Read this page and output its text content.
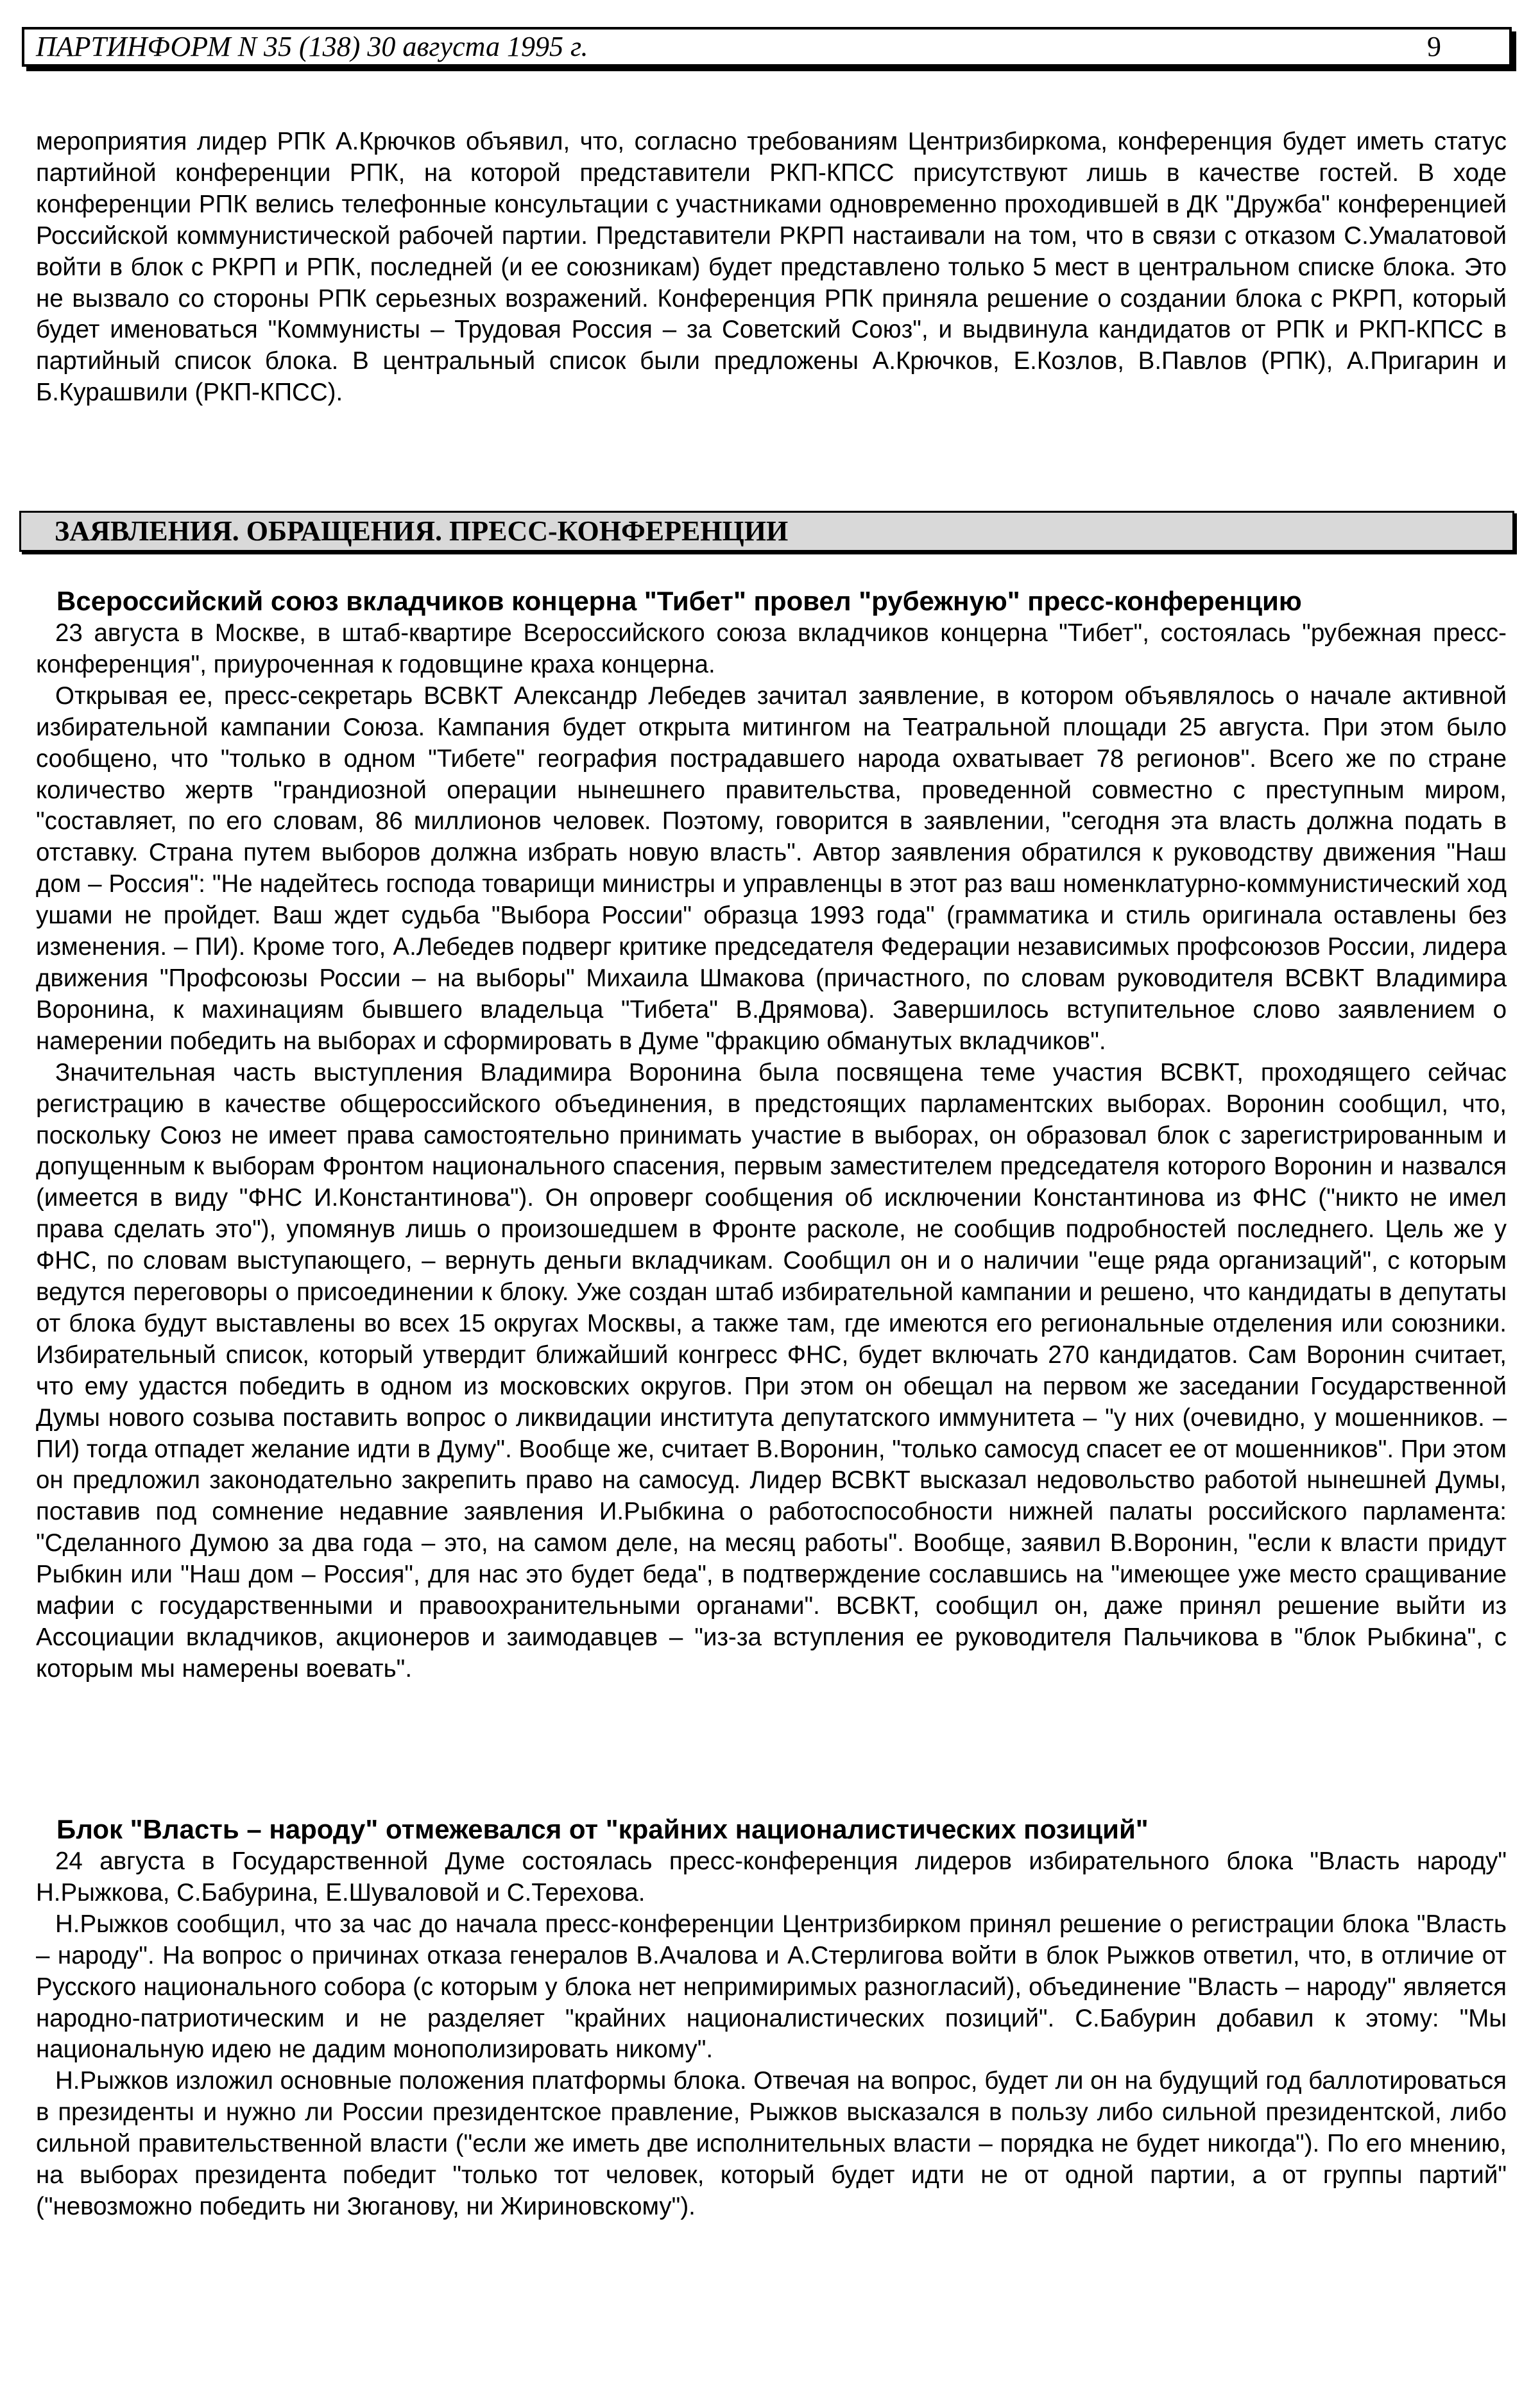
ПАРТИНФОРМ N 35 (138) 30 августа 1995 г.	9

мероприятия лидер РПК А.Крючков объявил, что, согласно требованиям Центризбиркома, конференция будет иметь статус партийной конференции РПК, на которой представители РКП-КПСС присутствуют лишь в качестве гостей. В ходе конференции РПК велись телефонные консультации с участниками одновременно проходившей в ДК "Дружба" конференцией Российской коммунистической рабочей партии. Представители РКРП настаивали на том, что в связи с отказом С.Умалатовой войти в блок с РКРП и РПК, последней (и ее союзникам) будет представлено только 5 мест в центральном списке блока. Это не вызвало со стороны РПК серьезных возражений. Конференция РПК приняла решение о создании блока с РКРП, который будет именоваться "Коммунисты – Трудовая Россия – за Советский Союз", и выдвинула кандидатов от РПК и РКП-КПСС в партийный список блока. В центральный список были предложены А.Крючков, Е.Козлов, В.Павлов (РПК), А.Пригарин и Б.Курашвили (РКП-КПСС).

ЗАЯВЛЕНИЯ. ОБРАЩЕНИЯ. ПРЕСС-КОНФЕРЕНЦИИ
Всероссийский союз вкладчиков концерна "Тибет" провел "рубежную" пресс-конференцию

23 августа в Москве, в штаб-квартире Всероссийского союза вкладчиков концерна "Тибет", состоялась "рубежная пресс-конференция", приуроченная к годовщине краха концерна.

Открывая ее, пресс-секретарь ВСВКТ Александр Лебедев зачитал заявление, в котором объявлялось о начале активной избирательной кампании Союза. Кампания будет открыта митингом на Театральной площади 25 августа. При этом было сообщено, что "только в одном "Тибете" география пострадавшего народа охватывает 78 регионов". Всего же по стране количество жертв "грандиозной операции нынешнего правительства, проведенной совместно с преступным миром, "составляет, по его словам, 86 миллионов человек. Поэтому, говорится в заявлении, "сегодня эта власть должна подать в отставку. Страна путем выборов должна избрать новую власть". Автор заявления обратился к руководству движения "Наш дом – Россия": "Не надейтесь господа товарищи министры и управленцы в этот раз ваш номенклатурно-коммунистический ход ушами не пройдет. Ваш ждет судьба "Выбора России" образца 1993 года" (грамматика и стиль оригинала оставлены без изменения. – ПИ). Кроме того, А.Лебедев подверг критике председателя Федерации независимых профсоюзов России, лидера движения "Профсоюзы России – на выборы" Михаила Шмакова (причастного, по словам руководителя ВСВКТ Владимира Воронина, к махинациям бывшего владельца "Тибета" В.Дрямова). Завершилось вступительное слово заявлением о намерении победить на выборах и сформировать в Думе "фракцию обманутых вкладчиков".

Значительная часть выступления Владимира Воронина была посвящена теме участия ВСВКТ, проходящего сейчас регистрацию в качестве общероссийского объединения, в предстоящих парламентских выборах. Воронин сообщил, что, поскольку Союз не имеет права самостоятельно принимать участие в выборах, он образовал блок с зарегистрированным и допущенным к выборам Фронтом национального спасения, первым заместителем председателя которого Воронин и назвался (имеется в виду "ФНС И.Константинова"). Он опроверг сообщения об исключении Константинова из ФНС ("никто не имел права сделать это"), упомянув лишь о произошедшем в Фронте расколе, не сообщив подробностей последнего. Цель же у ФНС, по словам выступающего, – вернуть деньги вкладчикам. Сообщил он и о наличии "еще ряда организаций", с которым ведутся переговоры о присоединении к блоку. Уже создан штаб избирательной кампании и решено, что кандидаты в депутаты от блока будут выставлены во всех 15 округах Москвы, а также там, где имеются его региональные отделения или союзники. Избирательный список, который утвердит ближайший конгресс ФНС, будет включать 270 кандидатов. Сам Воронин считает, что ему удастся победить в одном из московских округов. При этом он обещал на первом же заседании Государственной Думы нового созыва поставить вопрос о ликвидации института депутатского иммунитета – "у них (очевидно, у мошенников. – ПИ) тогда отпадет желание идти в Думу". Вообще же, считает В.Воронин, "только самосуд спасет ее от мошенников". При этом он предложил законодательно закрепить право на самосуд. Лидер ВСВКТ высказал недовольство работой нынешней Думы, поставив под сомнение недавние заявления И.Рыбкина о работоспособности нижней палаты российского парламента: "Сделанного Думою за два года – это, на самом деле, на месяц работы". Вообще, заявил В.Воронин, "если к власти придут Рыбкин или "Наш дом – Россия", для нас это будет беда", в подтверждение сославшись на "имеющее уже место сращивание мафии с государственными и правоохранительными органами". ВСВКТ, сообщил он, даже принял решение выйти из Ассоциации вкладчиков, акционеров и заимодавцев – "из-за вступления ее руководителя Пальчикова в "блок Рыбкина", с которым мы намерены воевать".

Блок "Власть – народу" отмежевался от "крайних националистических позиций"

24 августа в Государственной Думе состоялась пресс-конференция лидеров избирательного блока "Власть народу" Н.Рыжкова, С.Бабурина, Е.Шуваловой и С.Терехова.

Н.Рыжков сообщил, что за час до начала пресс-конференции Центризбирком принял решение о регистрации блока "Власть – народу". На вопрос о причинах отказа генералов В.Ачалова и А.Стерлигова войти в блок Рыжков ответил, что, в отличие от Русского национального собора (с которым у блока нет непримиримых разногласий), объединение "Власть – народу" является народно-патриотическим и не разделяет "крайних националистических позиций". С.Бабурин добавил к этому: "Мы национальную идею не дадим монополизировать никому".

Н.Рыжков изложил основные положения платформы блока. Отвечая на вопрос, будет ли он на будущий год баллотироваться в президенты и нужно ли России президентское правление, Рыжков высказался в пользу либо сильной президентской, либо сильной правительственной власти ("если же иметь две исполнительных власти – порядка не будет никогда"). По его мнению, на выборах президента победит "только тот человек, который будет идти не от одной партии, а от группы партий" ("невозможно победить ни Зюганову, ни Жириновскому").
